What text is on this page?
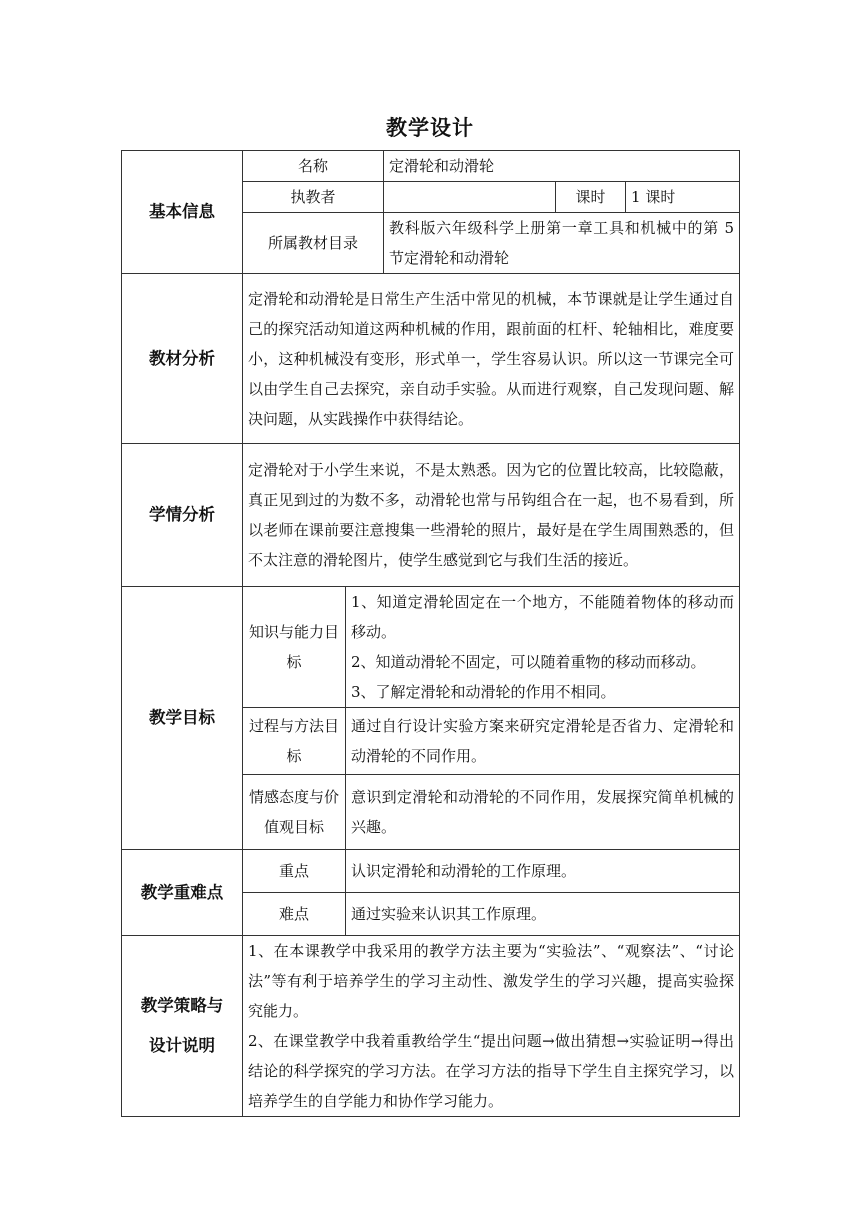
教学设计
基本信息	名称		定滑轮和动滑轮		
	执教者			课时	1 课时
	所属教材目录		教科版六年级科学上册第一章工具和机械中的第 5 节定滑轮和动滑轮		
教材分析	定滑轮和动滑轮是日常生产生活中常见的机械，本节课就是让学生通过自己的探究活动知道这两种机械的作用，跟前面的杠杆、轮轴相比，难度要小，这种机械没有变形，形式单一，学生容易认识。所以这一节课完全可以由学生自己去探究，亲自动手实验。从而进行观察，自己发现问题、解决问题，从实践操作中获得结论。				
学情分析	定滑轮对于小学生来说，不是太熟悉。因为它的位置比较高，比较隐蔽，真正见到过的为数不多，动滑轮也常与吊钩组合在一起，也不易看到，所以老师在课前要注意搜集一些滑轮的照片，最好是在学生周围熟悉的，但不太注意的滑轮图片，使学生感觉到它与我们生活的接近。				
教学目标	知识与能力目标	1、知道定滑轮固定在一个地方，不能随着物体的移动而移动。
2、知道动滑轮不固定，可以随着重物的移动而移动。
3、了解定滑轮和动滑轮的作用不相同。			

	过程与方法目标	通过自行设计实验方案来研究定滑轮是否省力、定滑轮和动滑轮的不同作用。			
	情感态度与价值观目标	意识到定滑轮和动滑轮的不同作用，发展探究简单机械的兴趣。			
教学重难点	重点	认识定滑轮和动滑轮的工作原理。			
	难点	通过实验来认识其工作原理。			

教学策略与
设计说明	1、在本课教学中我采用的教学方法主要为“实验法”、“观察法”、“讨论法”等有利于培养学生的学习主动性、激发学生的学习兴趣，提高实验探究能力。
2、在课堂教学中我着重教给学生“提出问题→做出猜想→实验证明→得出结论的科学探究的学习方法。在学习方法的指导下学生自主探究学习，以培养学生的自学能力和协作学习能力。				
